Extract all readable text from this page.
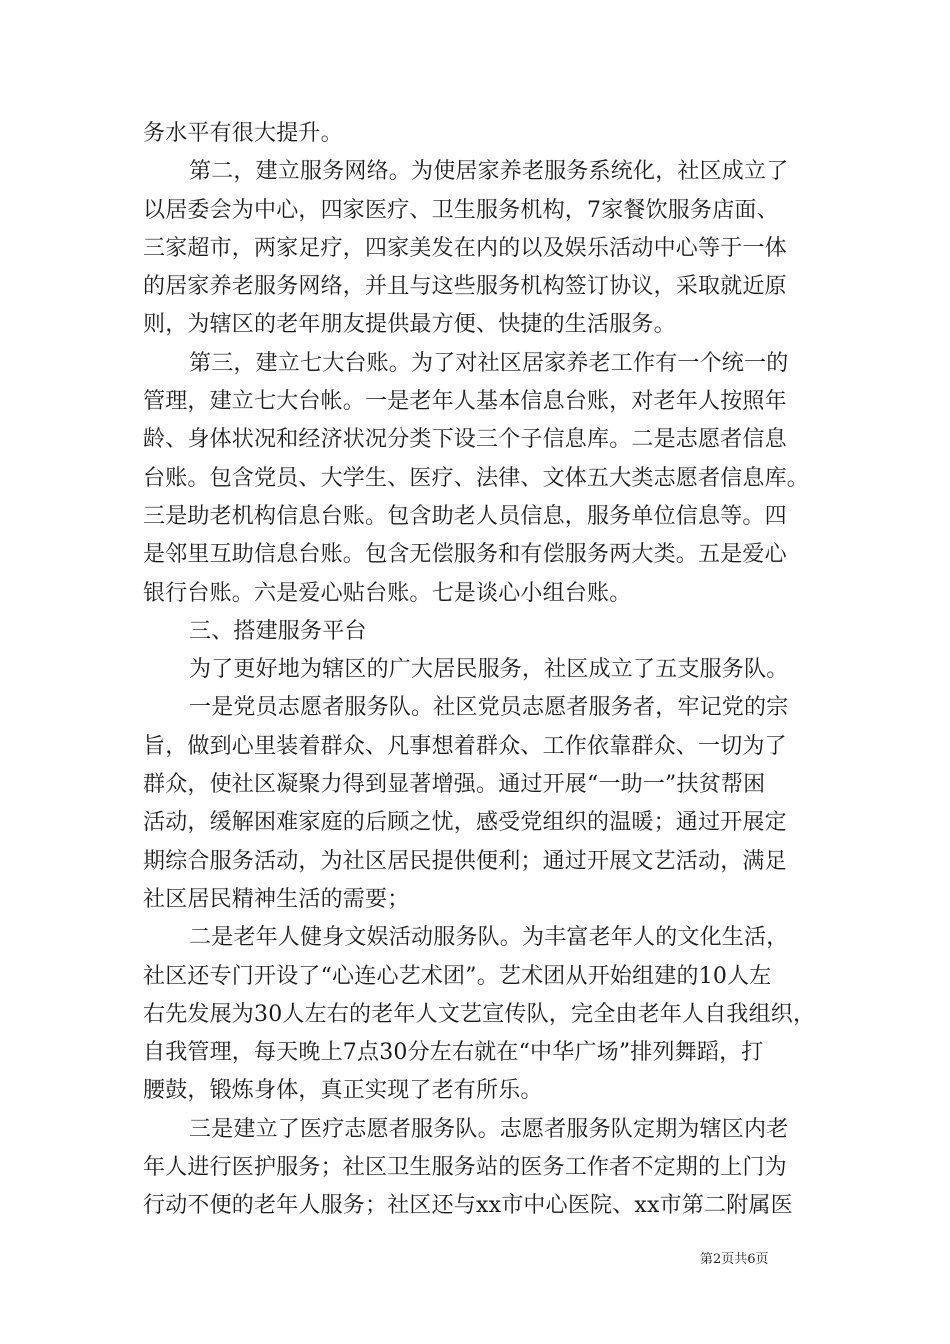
务水平有很大提升。
第二，建立服务网络。为使居家养老服务系统化，社区成立了
以居委会为中心，四家医疗、卫生服务机构，7家餐饮服务店面、
三家超市，两家足疗，四家美发在内的以及娱乐活动中心等于一体
的居家养老服务网络，并且与这些服务机构签订协议，采取就近原
则，为辖区的老年朋友提供最方便、快捷的生活服务。
第三，建立七大台账。为了对社区居家养老工作有一个统一的
管理，建立七大台帐。一是老年人基本信息台账，对老年人按照年
龄、身体状况和经济状况分类下设三个子信息库。二是志愿者信息
台账。包含党员、大学生、医疗、法律、文体五大类志愿者信息库。
三是助老机构信息台账。包含助老人员信息，服务单位信息等。四
是邻里互助信息台账。包含无偿服务和有偿服务两大类。五是爱心
银行台账。六是爱心贴台账。七是谈心小组台账。
三、搭建服务平台
为了更好地为辖区的广大居民服务，社区成立了五支服务队。
一是党员志愿者服务队。社区党员志愿者服务者，牢记党的宗
旨，做到心里装着群众、凡事想着群众、工作依靠群众、一切为了
群众，使社区凝聚力得到显著增强。通过开展“一助一”扶贫帮困
活动，缓解困难家庭的后顾之忧，感受党组织的温暖；通过开展定
期综合服务活动，为社区居民提供便利；通过开展文艺活动，满足
社区居民精神生活的需要；
二是老年人健身文娱活动服务队。为丰富老年人的文化生活，
社区还专门开设了“心连心艺术团”。艺术团从开始组建的10人左
右先发展为30人左右的老年人文艺宣传队，完全由老年人自我组织，
自我管理，每天晚上7点30分左右就在“中华广场”排列舞蹈，打
腰鼓，锻炼身体，真正实现了老有所乐。
三是建立了医疗志愿者服务队。志愿者服务队定期为辖区内老
年人进行医护服务；社区卫生服务站的医务工作者不定期的上门为
行动不便的老年人服务；社区还与xx市中心医院、xx市第二附属医
第2页共6页
